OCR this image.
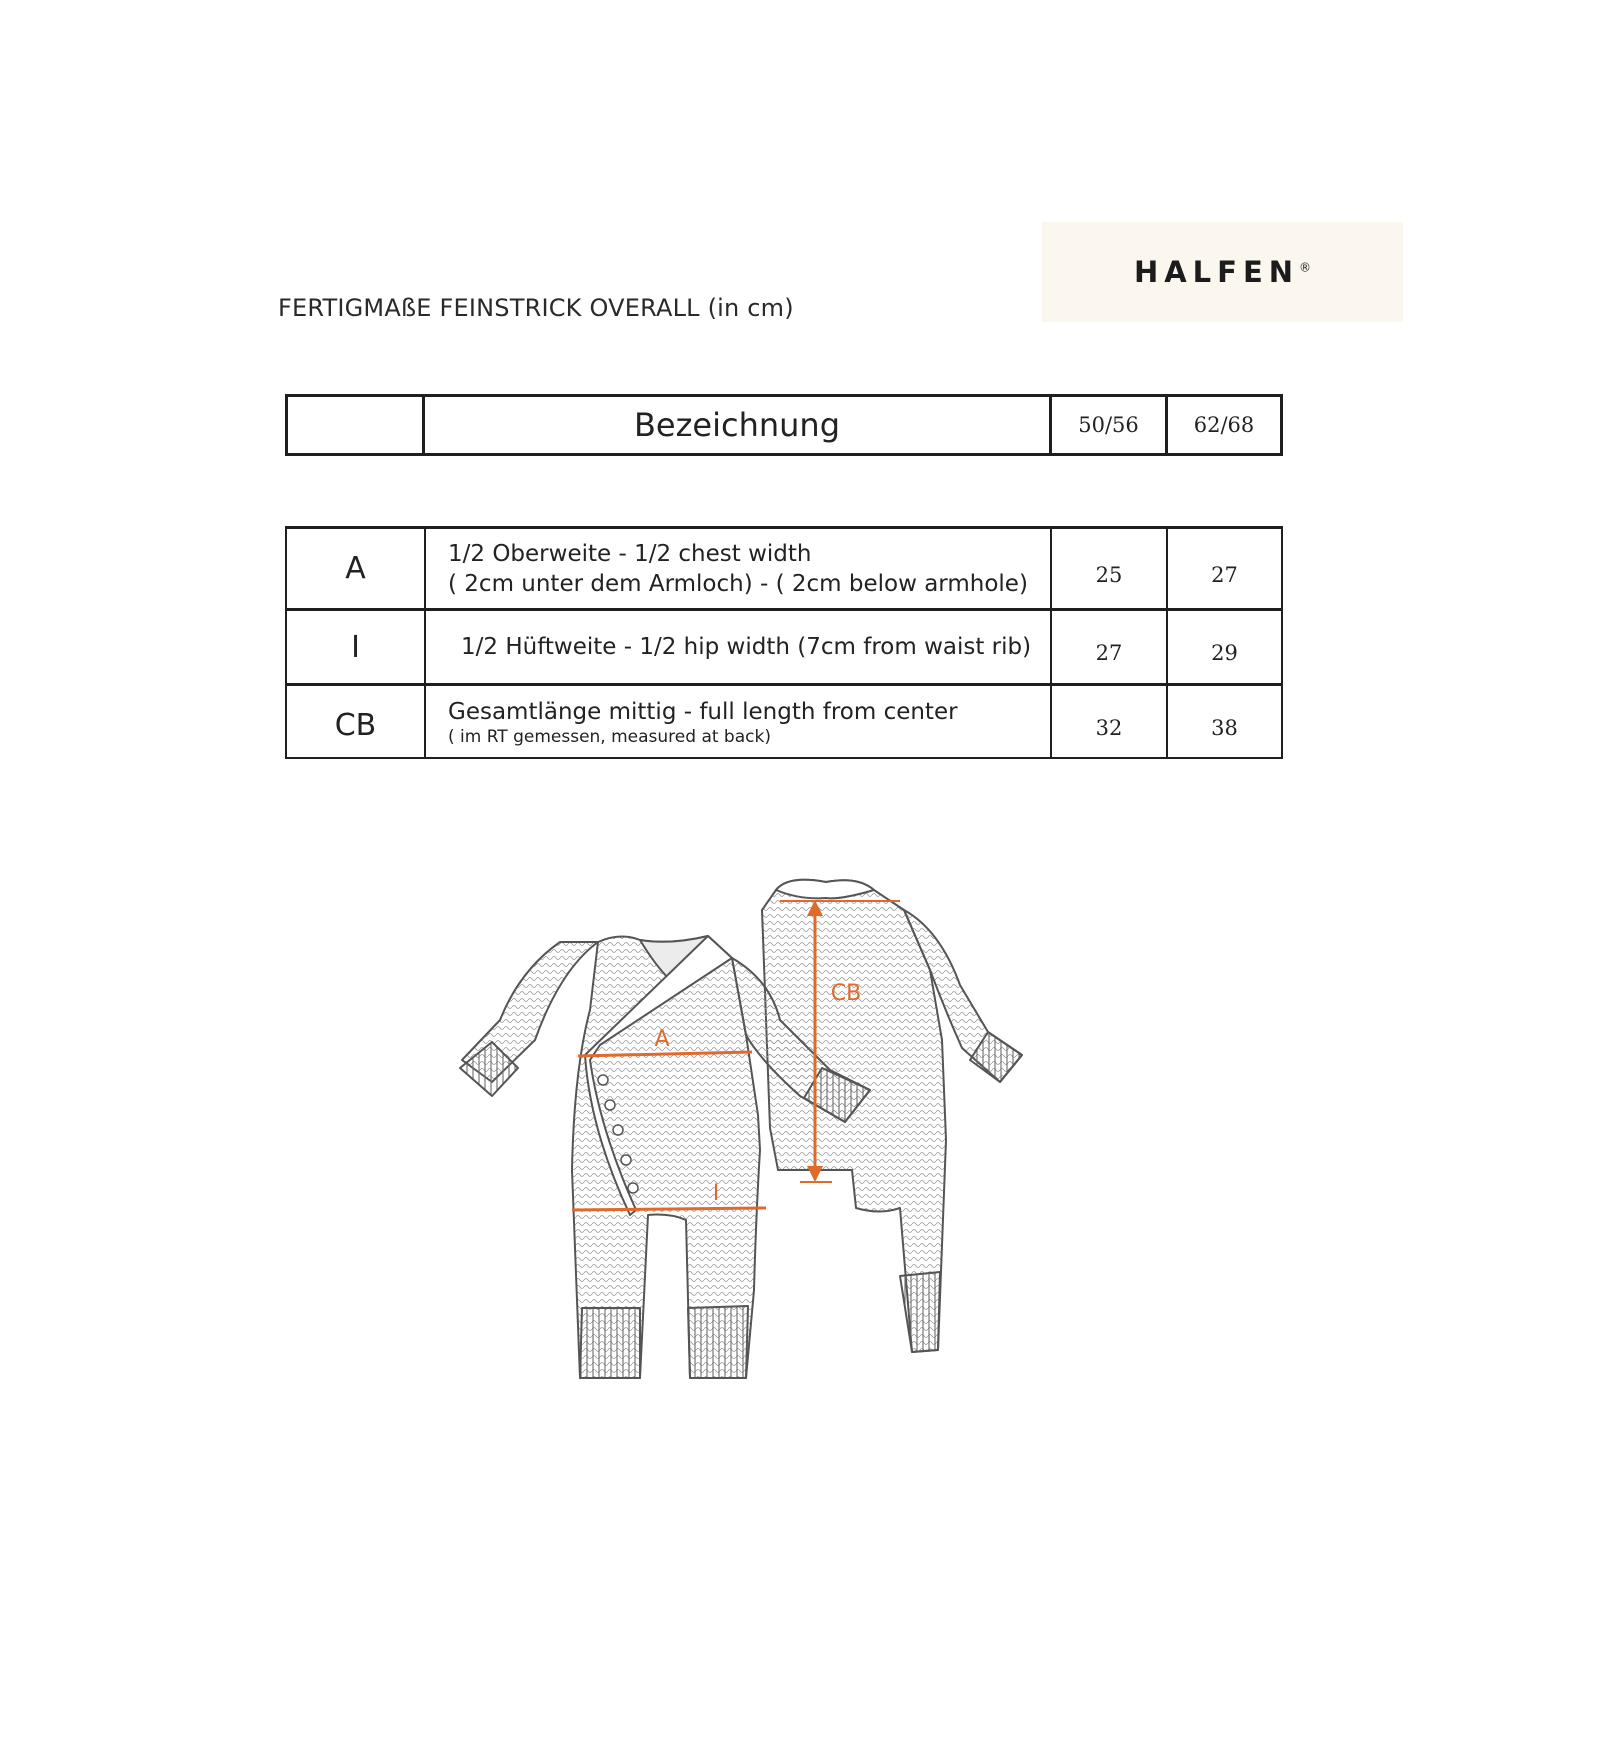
HALFEN®
FERTIGMAßE FEINSTRICK OVERALL (in cm)
Bezeichnung	50/56	62/68
A	1/2 Oberweite - 1/2 chest width
( 2cm unter dem Armloch) - ( 2cm below armhole)	25	27
I	1/2 Hüftweite - 1/2 hip width (7cm from waist rib)	27	29
CB	Gesamtlänge mittig - full length from center
( im RT gemessen, measured at back)	32	38
A
I
CB
